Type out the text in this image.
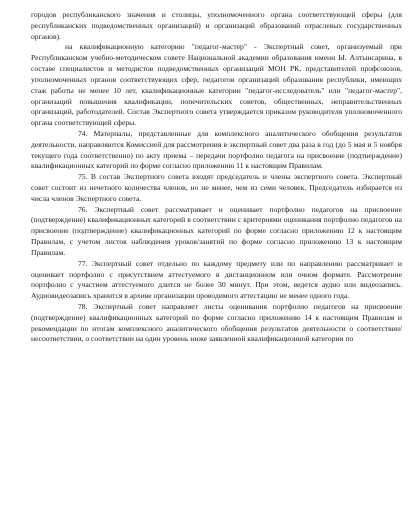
городов республиканского значения и столицы, уполномоченного органа соответствующей сферы (для республиканских подведомственных организаций) и организаций образований отраслевых государственных органов).

на квалификационную категорию "педагог-мастер" - Экспертный совет, организуемый при Республиканском учебно-методическом совете Национальной академии образования имени Ы. Алтынсарина, в составе специалистов и методистов подведомственных организаций МОН РК, представителей профсоюзов, уполномоченных органов соответствующих сфер, педагогов организаций образования республики, имеющих стаж работы не менее 10 лет, квалификационные категории "педагог-исследователь" или "педагог-мастер", организаций повышения квалификации, попечительских советов, общественных, неправительственных организаций, работодателей. Состав Экспертного совета утверждается приказом руководителя уполномоченного органа соответствующей сферы.

74. Материалы, представленные для комплексного аналитического обобщения результатов деятельности, направляются Комиссией для рассмотрения в экспертный совет два раза в год (до 5 мая и 5 ноября текущего года соответственно) по акту приема – передачи портфолио педагога на присвоение (подтверждение) квалификационных категорий по форме согласно приложению 11 к настоящим Правилам.

75. В состав Экспертного совета входят председатель и члены экспертного совета. Экспертный совет состоит из нечетного количества членов, но не менее, чем из семи человек. Председатель избирается из числа членов Экспертного совета.

76. Экспертный совет рассматривает и оценивает портфолио педагогов на присвоение (подтверждение) квалификационных категорий в соответствии с критериями оценивания портфолио педагогов на присвоение (подтверждение) квалификационных категорий по форме согласно приложению 12 к настоящим Правилам, с учетом листов наблюдения уроков/занятий по форме согласно приложению 13 к настоящим Правилам.

77. Экспертный совет отдельно по каждому предмету или по направлению рассматривает и оценивает портфолио с присутствием аттестуемого в дистанционном или очном формате. Рассмотрение портфолио с участием аттестуемого длится не более 30 минут. При этом, ведется аудио или видеозапись. Аудиовидеозапись хранится в архиве организации проводимого аттестацию не менее одного года.

78. Экспертный совет направляет листы оценивания портфолио педагогов на присвоение (подтверждение) квалификационных категорий по форме согласно приложению 14 к настоящим Правилам и рекомендации по итогам комплексного аналитического обобщения результатов деятельности о соответствии/несоответствии, о соответствии на один уровень ниже заявленной квалификационной категории по
